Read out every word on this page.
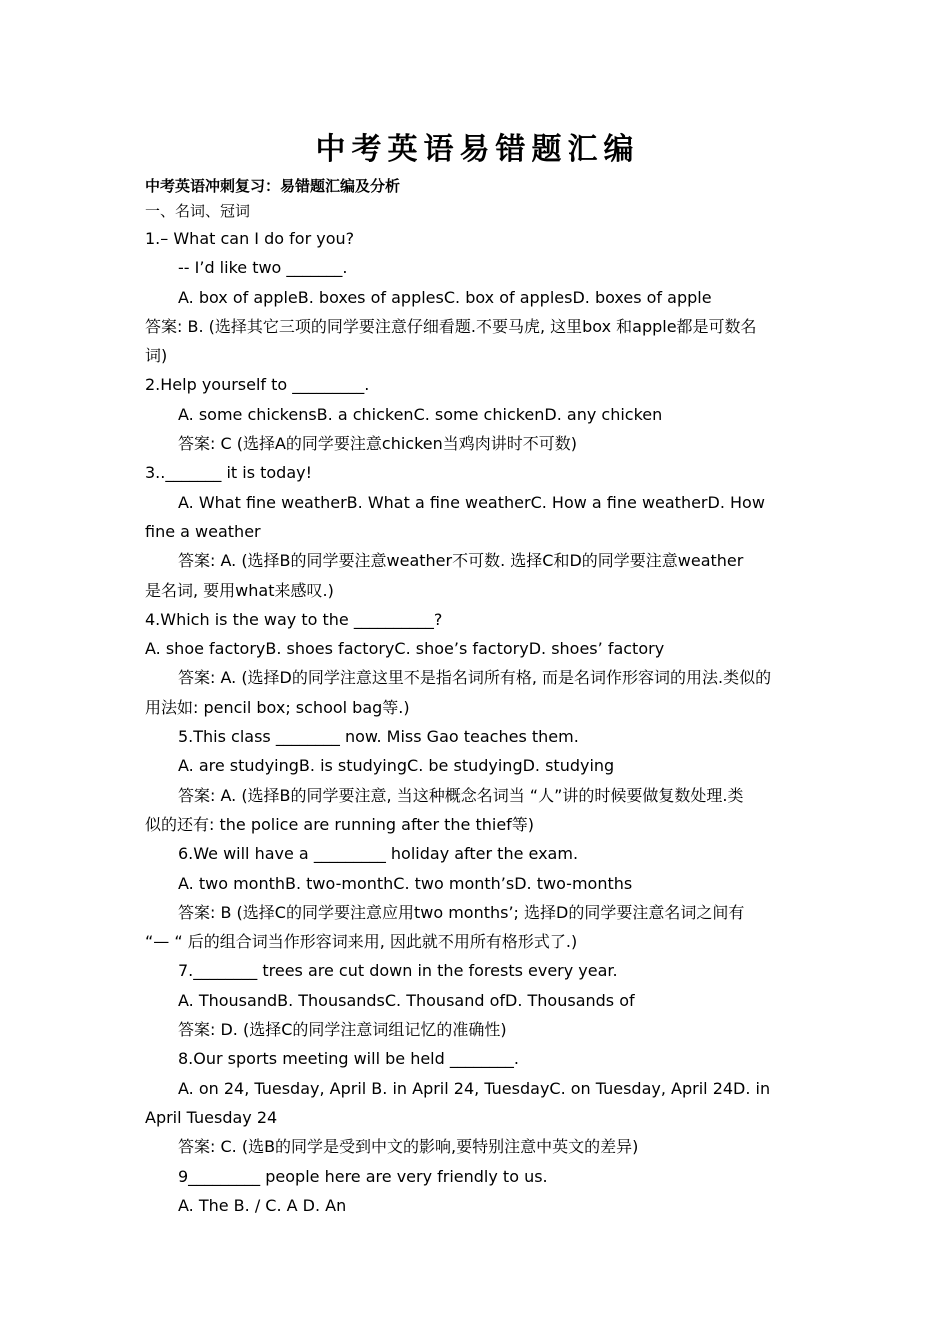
中考英语易错题汇编

中考英语冲刺复习：易错题汇编及分析

一、名词、冠词

1.– What can I do for you?

-- I’d like two _______.

A. box of appleB. boxes of applesC. box of applesD. boxes of apple

答案: B. (选择其它三项的同学要注意仔细看题.不要马虎, 这里box 和apple都是可数名

词)

2.Help yourself to _________.

A. some chickensB. a chickenC. some chickenD. any chicken

答案: C (选择A的同学要注意chicken当鸡肉讲时不可数)

3.._______ it is today!

A. What fine weatherB. What a fine weatherC. How a fine weatherD. How

fine a weather

答案: A. (选择B的同学要注意weather不可数. 选择C和D的同学要注意weather

是名词, 要用what来感叹.)

4.Which is the way to the __________?

A. shoe factoryB. shoes factoryC. shoe’s factoryD. shoes’ factory

答案: A. (选择D的同学注意这里不是指名词所有格, 而是名词作形容词的用法.类似的

用法如: pencil box; school bag等.)

5.This class ________ now. Miss Gao teaches them.

A. are studyingB. is studyingC. be studyingD. studying

答案: A. (选择B的同学要注意, 当这种概念名词当 “人”讲的时候要做复数处理.类

似的还有: the police are running after the thief等)

6.We will have a _________ holiday after the exam.

A. two monthB. two-monthC. two month’sD. two-months

答案: B (选择C的同学要注意应用two months’; 选择D的同学要注意名词之间有

“— “ 后的组合词当作形容词来用, 因此就不用所有格形式了.)

7.________ trees are cut down in the forests every year.

A. ThousandB. ThousandsC. Thousand ofD. Thousands of

答案: D. (选择C的同学注意词组记忆的准确性)

8.Our sports meeting will be held ________.

A. on 24, Tuesday, April B. in April 24, TuesdayC. on Tuesday, April 24D. in

April Tuesday 24

答案: C. (选B的同学是受到中文的影响,要特别注意中英文的差异)

9_________ people here are very friendly to us.

A. The B. / C. A D. An
